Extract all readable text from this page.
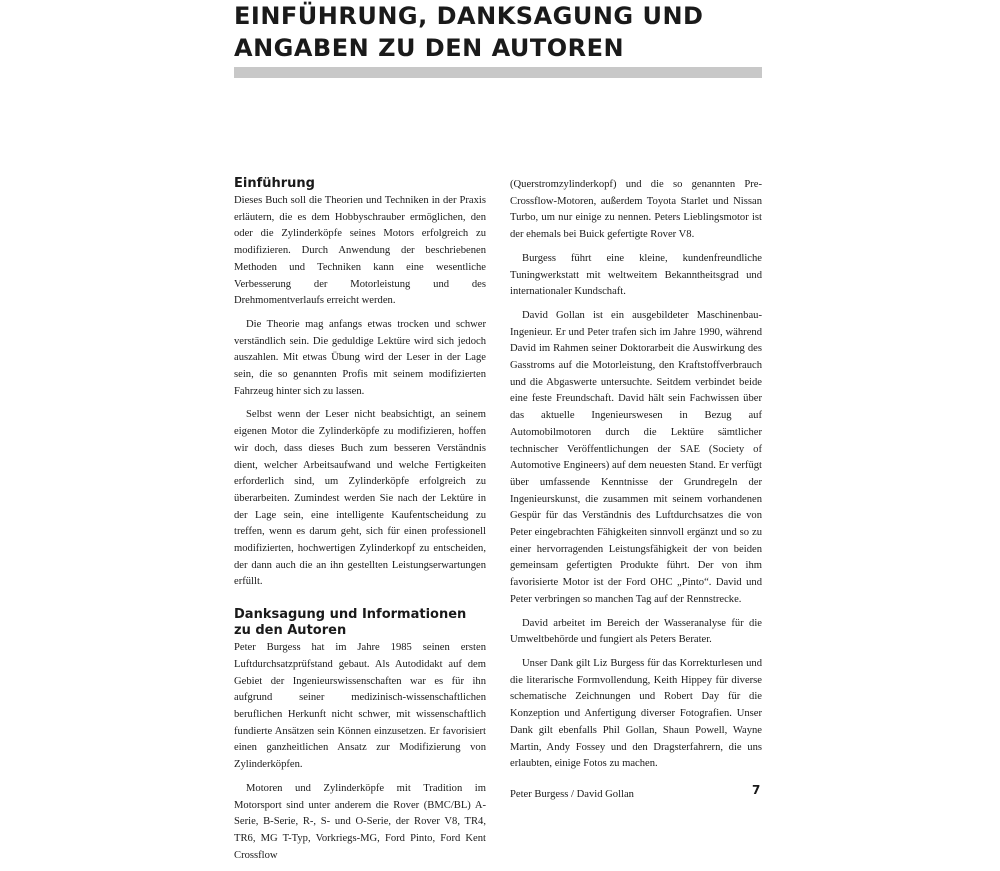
EINFÜHRUNG, DANKSAGUNG UND ANGABEN ZU DEN AUTOREN
Einführung

Dieses Buch soll die Theorien und Techniken in der Praxis erläutern, die es dem Hobbyschrauber ermöglichen, den oder die Zylinderköpfe seines Motors erfolgreich zu modifizieren. Durch Anwendung der beschriebenen Methoden und Techniken kann eine wesentliche Verbesserung der Motorleistung und des Drehmomentverlaufs erreicht werden.

Die Theorie mag anfangs etwas trocken und schwer verständlich sein. Die geduldige Lektüre wird sich jedoch auszahlen. Mit etwas Übung wird der Leser in der Lage sein, die so genannten Profis mit seinem modifizierten Fahrzeug hinter sich zu lassen.

Selbst wenn der Leser nicht beabsichtigt, an seinem eigenen Motor die Zylinderköpfe zu modifizieren, hoffen wir doch, dass dieses Buch zum besseren Verständnis dient, welcher Arbeitsaufwand und welche Fertigkeiten erforderlich sind, um Zylinderköpfe erfolgreich zu überarbeiten. Zumindest werden Sie nach der Lektüre in der Lage sein, eine intelligente Kaufentscheidung zu treffen, wenn es darum geht, sich für einen professionell modifizierten, hochwertigen Zylinderkopf zu entscheiden, der dann auch die an ihn gestellten Leistungserwartungen erfüllt.

Danksagung und Informationen zu den Autoren

Peter Burgess hat im Jahre 1985 seinen ersten Luftdurchsatzprüfstand gebaut. Als Autodidakt auf dem Gebiet der Ingenieurswissenschaften war es für ihn aufgrund seiner medizinisch-wissenschaftlichen beruflichen Herkunft nicht schwer, mit wissenschaftlich fundierte Ansätzen sein Können einzusetzen. Er favorisiert einen ganzheitlichen Ansatz zur Modifizierung von Zylinderköpfen.

Motoren und Zylinderköpfe mit Tradition im Motorsport sind unter anderem die Rover (BMC/BL) A-Serie, B-Serie, R-, S- und O-Serie, der Rover V8, TR4, TR6, MG T-Typ, Vorkriegs-MG, Ford Pinto, Ford Kent Crossflow

(Querstromzylinderkopf) und die so genannten Pre-Crossflow-Motoren, außerdem Toyota Starlet und Nissan Turbo, um nur einige zu nennen. Peters Lieblingsmotor ist der ehemals bei Buick gefertigte Rover V8.

Burgess führt eine kleine, kundenfreundliche Tuningwerkstatt mit weltweitem Bekanntheitsgrad und internationaler Kundschaft.

David Gollan ist ein ausgebildeter Maschinenbau-Ingenieur. Er und Peter trafen sich im Jahre 1990, während David im Rahmen seiner Doktorarbeit die Auswirkung des Gasstroms auf die Motorleistung, den Kraftstoffverbrauch und die Abgaswerte untersuchte. Seitdem verbindet beide eine feste Freundschaft. David hält sein Fachwissen über das aktuelle Ingenieurswesen in Bezug auf Automobilmotoren durch die Lektüre sämtlicher technischer Veröffentlichungen der SAE (Society of Automotive Engineers) auf dem neuesten Stand. Er verfügt über umfassende Kenntnisse der Grundregeln der Ingenieurskunst, die zusammen mit seinem vorhandenen Gespür für das Verständnis des Luftdurchsatzes die von Peter eingebrachten Fähigkeiten sinnvoll ergänzt und so zu einer hervorragenden Leistungsfähigkeit der von beiden gemeinsam gefertigten Produkte führt. Der von ihm favorisierte Motor ist der Ford OHC „Pinto“. David und Peter verbringen so manchen Tag auf der Rennstrecke.

David arbeitet im Bereich der Wasseranalyse für die Umweltbehörde und fungiert als Peters Berater.

Unser Dank gilt Liz Burgess für das Korrekturlesen und die literarische Formvollendung, Keith Hippey für diverse schematische Zeichnungen und Robert Day für die Konzeption und Anfertigung diverser Fotografien. Unser Dank gilt ebenfalls Phil Gollan, Shaun Powell, Wayne Martin, Andy Fossey und den Dragsterfahrern, die uns erlaubten, einige Fotos zu machen.

Peter Burgess / David Gollan	7
